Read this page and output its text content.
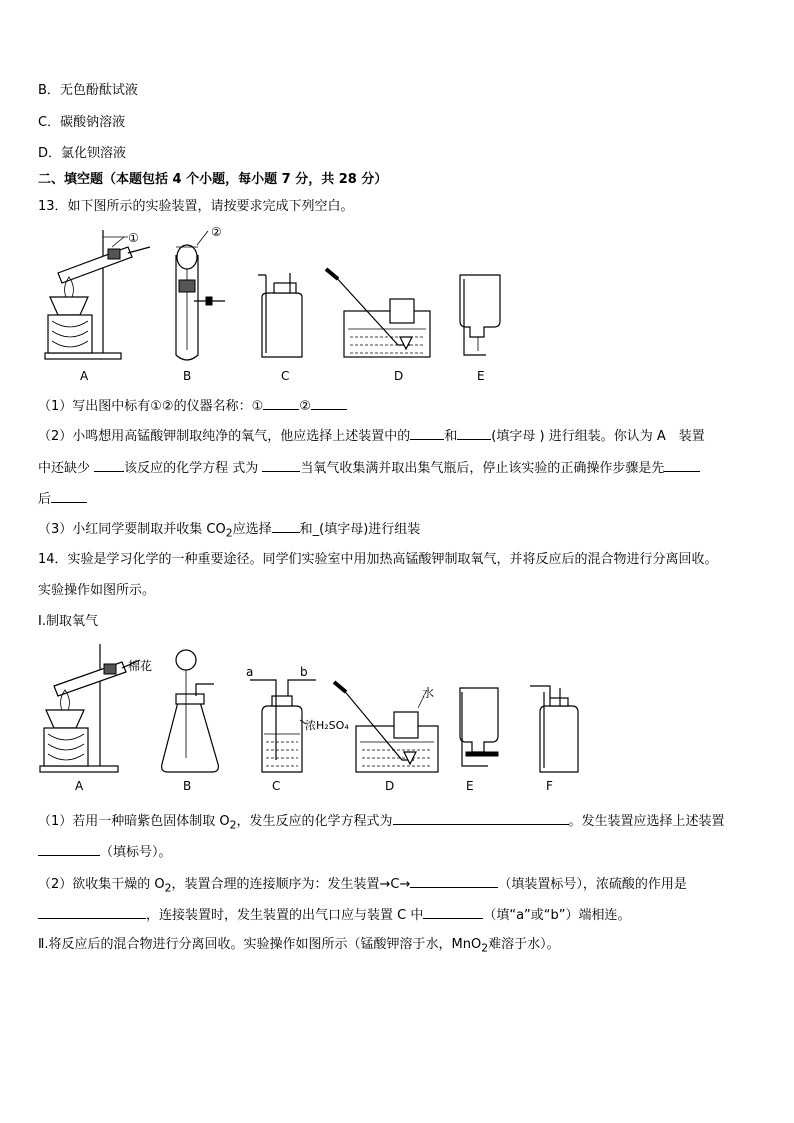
B．无色酚酞试液
C．碳酸钠溶液
D．氯化钡溶液
二、填空题（本题包括 4 个小题，每小题 7 分，共 28 分）
13．如下图所示的实验装置，请按要求完成下列空白。
①	②
A	B	C	D	E
（1）写出图中标有①②的仪器名称：①	②
（2）小鸣想用高锰酸钾制取纯净的氧气，他应选择上述装置中的	和	(填字母 ) 进行组装。你认为 A　装置
中还缺少 该反应的化学方程 式为	当氧气收集满并取出集气瓶后，停止该实验的正确操作步骤是先
后
（3）小红同学要制取并收集 $CO_2$应选择 和_(填字母)进行组装
14．实验是学习化学的一种重要途径。同学们实验室中用加热高锰酸钾制取氧气，并将反应后的混合物进行分离回收。
实验操作如图所示。
Ⅰ.制取氧气
棉花	a	b
浓H₂SO₄
水
A	B	C	D	E	F
（1）若用一种暗紫色固体制取 $O_2$，发生反应的化学方程式为	。发生装置应选择上述装置
（填标号）。
（2）欲收集干燥的 $O_2$，装置合理的连接顺序为：发生装置→C→	（填装置标号），浓硫酸的作用是
，连接装置时，发生装置的出气口应与装置 C 中	（填“a”或“b”）端相连。
Ⅱ.将反应后的混合物进行分离回收。实验操作如图所示（锰酸钾溶于水，MnO$_2$难溶于水）。
